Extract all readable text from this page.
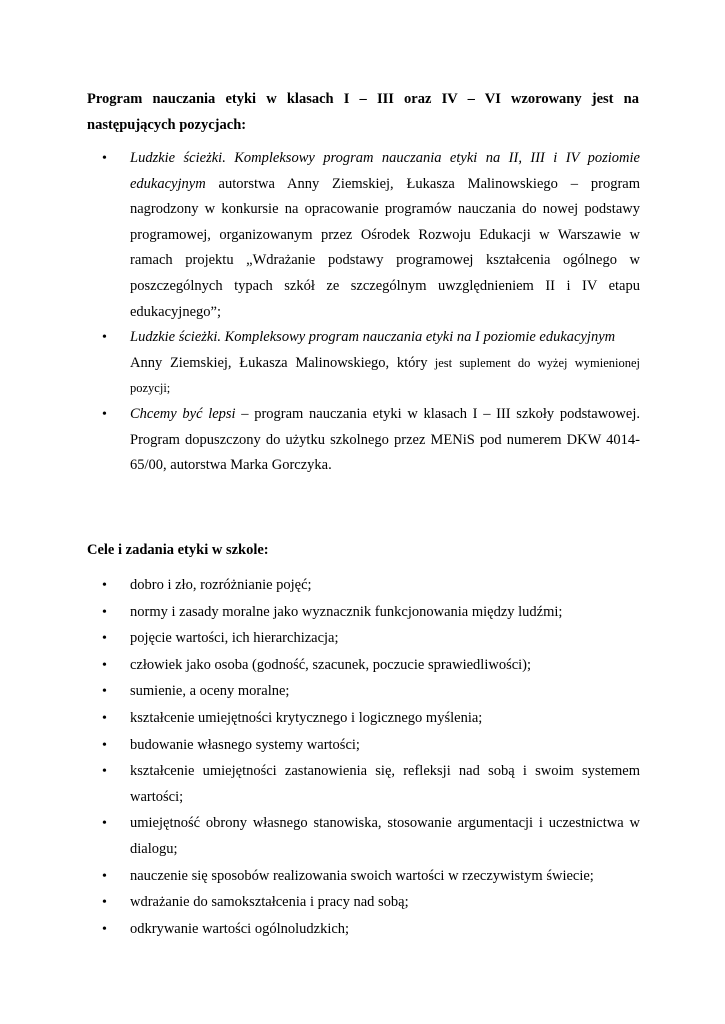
Program nauczania etyki w klasach I – III oraz IV – VI wzorowany jest na
następujących pozycjach:
•	Ludzkie ścieżki. Kompleksowy program nauczania etyki na II, III i IV poziomie edukacyjnym autorstwa Anny Ziemskiej, Łukasza Malinowskiego – program nagrodzony w konkursie na opracowanie programów nauczania do nowej podstawy programowej, organizowanym przez Ośrodek Rozwoju Edukacji w Warszawie w ramach projektu „Wdrażanie podstawy programowej kształcenia ogólnego w poszczególnych typach szkół ze szczególnym uwzględnieniem II i IV etapu edukacyjnego”;
•	Ludzkie ścieżki. Kompleksowy program nauczania etyki na I poziomie edukacyjnym
Anny Ziemskiej, Łukasza Malinowskiego, który jest suplement do wyżej wymienionej pozycji;
•	Chcemy być lepsi – program nauczania etyki w klasach I – III szkoły podstawowej. Program dopuszczony do użytku szkolnego przez MENiS pod numerem DKW 4014-65/00, autorstwa Marka Gorczyka.
Cele i zadania etyki w szkole:
•	dobro i zło, rozróżnianie pojęć;
•	normy i zasady moralne jako wyznacznik funkcjonowania między ludźmi;
•	pojęcie wartości, ich hierarchizacja;
•	człowiek jako osoba (godność, szacunek, poczucie sprawiedliwości);
•	sumienie, a oceny moralne;
•	kształcenie umiejętności krytycznego i logicznego myślenia;
•	budowanie własnego systemy wartości;
•	kształcenie umiejętności zastanowienia się, refleksji nad sobą i swoim systemem wartości;
•	umiejętność obrony własnego stanowiska, stosowanie argumentacji i uczestnictwa w dialogu;
•	nauczenie się sposobów realizowania swoich wartości w rzeczywistym świecie;
•	wdrażanie do samokształcenia i pracy nad sobą;
•	odkrywanie wartości ogólnoludzkich;
